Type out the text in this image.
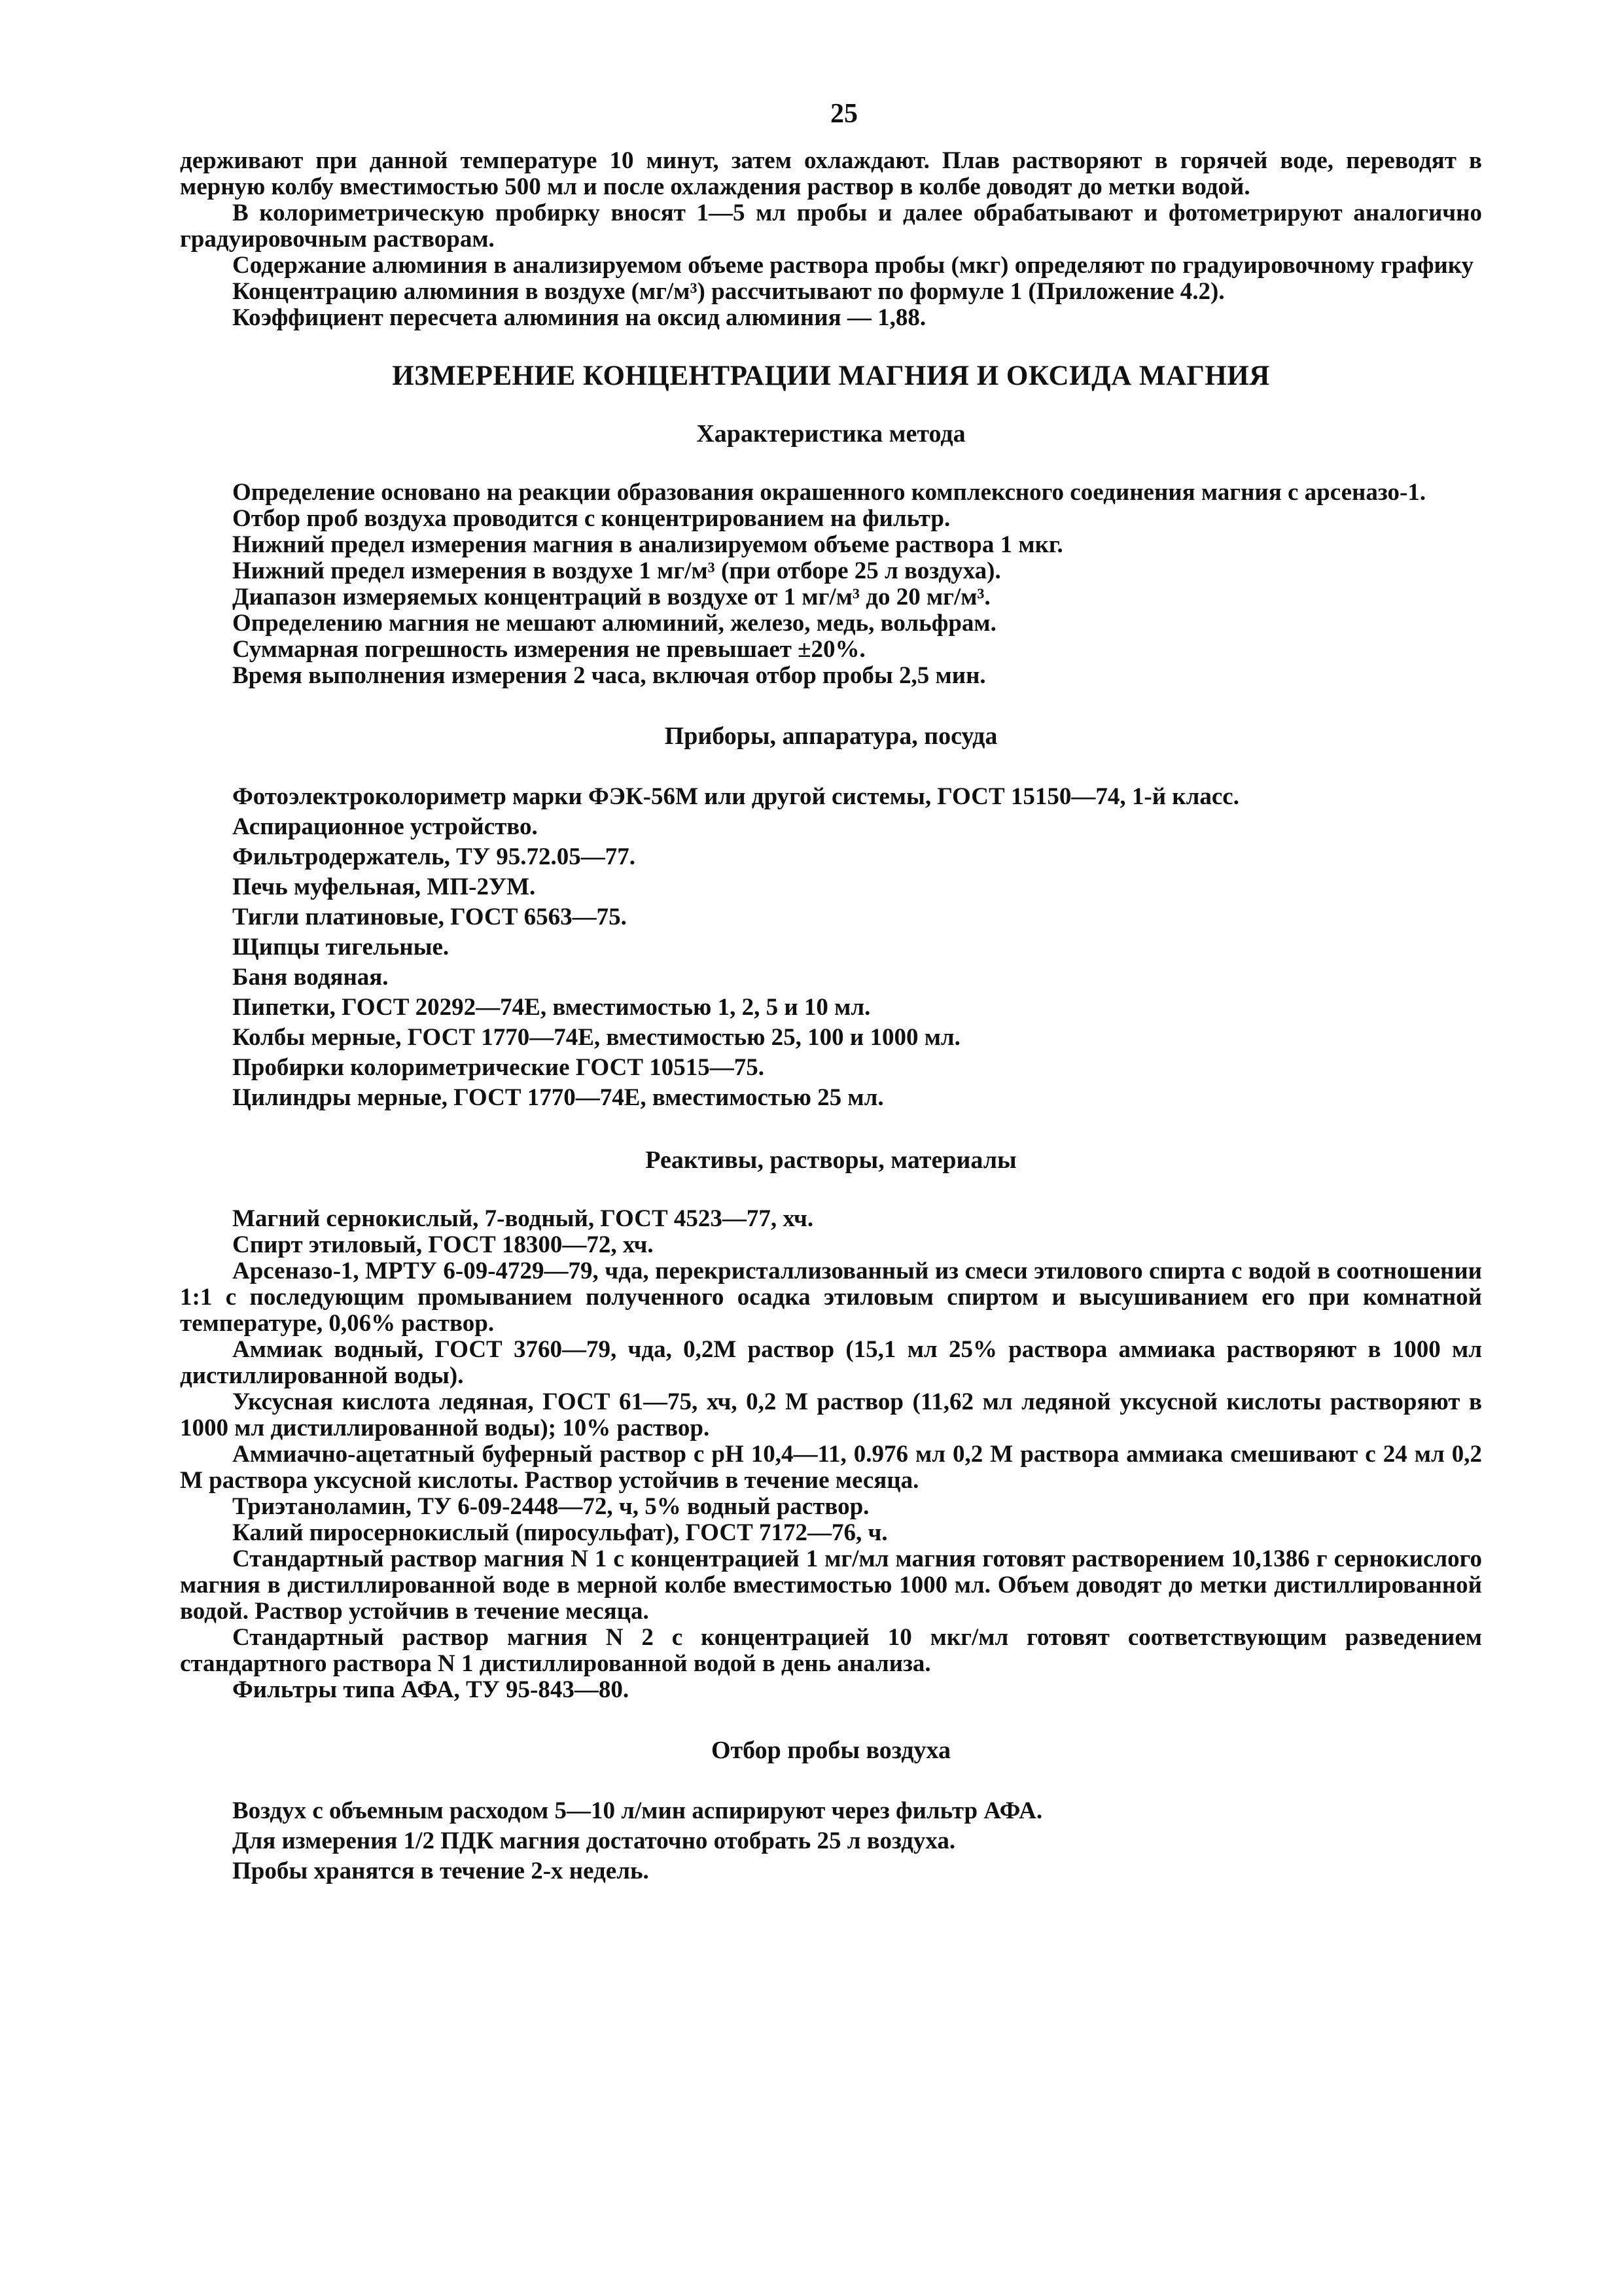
25

держивают при данной температуре 10 минут, затем охлаждают. Плав растворяют в горячей воде, переводят в мерную колбу вместимостью 500 мл и после охлаждения раствор в колбе доводят до метки водой.

В колориметрическую пробирку вносят 1—5 мл пробы и далее обрабатывают и фотометрируют аналогично градуировочным растворам.

Содержание алюминия в анализируемом объеме раствора пробы (мкг) определяют по градуировочному графику

Концентрацию алюминия в воздухе (мг/м³) рассчитывают по формуле 1 (Приложение 4.2).

Коэффициент пересчета алюминия на оксид алюминия — 1,88.

ИЗМЕРЕНИЕ КОНЦЕНТРАЦИИ МАГНИЯ И ОКСИДА МАГНИЯ
Характеристика метода

Определение основано на реакции образования окрашенного комплексного соединения магния с арсеназо-1.

Отбор проб воздуха проводится с концентрированием на фильтр.

Нижний предел измерения магния в анализируемом объеме раствора 1 мкг.

Нижний предел измерения в воздухе 1 мг/м³ (при отборе 25 л воздуха).

Диапазон измеряемых концентраций в воздухе от 1 мг/м³ до 20 мг/м³.

Определению магния не мешают алюминий, железо, медь, вольфрам.

Суммарная погрешность измерения не превышает ±20%.

Время выполнения измерения 2 часа, включая отбор пробы 2,5 мин.

Приборы, аппаратура, посуда
Фотоэлектроколориметр марки ФЭК-56М или другой системы, ГОСТ 15150—74, 1-й класс.
Аспирационное устройство.
Фильтродержатель, ТУ 95.72.05—77.
Печь муфельная, МП-2УМ.
Тигли платиновые, ГОСТ 6563—75.
Щипцы тигельные.
Баня водяная.
Пипетки, ГОСТ 20292—74Е, вместимостью 1, 2, 5 и 10 мл.
Колбы мерные, ГОСТ 1770—74Е, вместимостью 25, 100 и 1000 мл.
Пробирки колориметрические ГОСТ 10515—75.
Цилиндры мерные, ГОСТ 1770—74Е, вместимостью 25 мл.
Реактивы, растворы, материалы

Магний сернокислый, 7-водный, ГОСТ 4523—77, хч.

Спирт этиловый, ГОСТ 18300—72, хч.

Арсеназо-1, МРТУ 6-09-4729—79, чда, перекристаллизованный из смеси этилового спирта с водой в соотношении 1:1 с последующим промыванием полученного осадка этиловым спиртом и высушиванием его при комнатной температуре, 0,06% раствор.

Аммиак водный, ГОСТ 3760—79, чда, 0,2М раствор (15,1 мл 25% раствора аммиака растворяют в 1000 мл дистиллированной воды).

Уксусная кислота ледяная, ГОСТ 61—75, хч, 0,2 М раствор (11,62 мл ледяной уксусной кислоты растворяют в 1000 мл дистиллированной воды); 10% раствор.

Аммиачно-ацетатный буферный раствор с рН 10,4—11, 0.976 мл 0,2 М раствора аммиака смешивают с 24 мл 0,2 М раствора уксусной кислоты. Раствор устойчив в течение месяца.

Триэтаноламин, ТУ 6-09-2448—72, ч, 5% водный раствор.

Калий пиросернокислый (пиросульфат), ГОСТ 7172—76, ч.

Стандартный раствор магния N 1 с концентрацией 1 мг/мл магния готовят растворением 10,1386 г сернокислого магния в дистиллированной воде в мерной колбе вместимостью 1000 мл. Объем доводят до метки дистиллированной водой. Раствор устойчив в течение месяца.

Стандартный раствор магния N 2 с концентрацией 10 мкг/мл готовят соответствующим разведением стандартного раствора N 1 дистиллированной водой в день анализа.

Фильтры типа АФА, ТУ 95-843—80.

Отбор пробы воздуха
Воздух с объемным расходом 5—10 л/мин аспирируют через фильтр АФА.
Для измерения 1/2 ПДК магния достаточно отобрать 25 л воздуха.
Пробы хранятся в течение 2-х недель.
